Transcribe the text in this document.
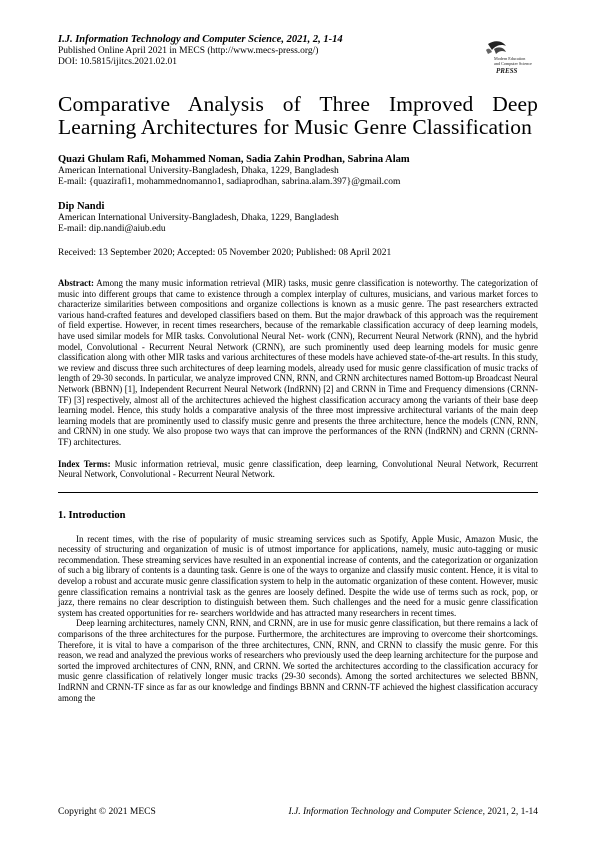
I.J. Information Technology and Computer Science, 2021, 2, 1-14
Published Online April 2021 in MECS (http://www.mecs-press.org/)
DOI: 10.5815/ijitcs.2021.02.01	Modern Education
and Computer Science
PRESS
Comparative Analysis of Three Improved Deep Learning Architectures for Music Genre Classification
Quazi Ghulam Rafi, Mohammed Noman, Sadia Zahin Prodhan, Sabrina Alam
American International University-Bangladesh, Dhaka, 1229, Bangladesh
E-mail: {quazirafi1, mohammednomanno1, sadiaprodhan, sabrina.alam.397}@gmail.com
Dip Nandi
American International University-Bangladesh, Dhaka, 1229, Bangladesh
E-mail: dip.nandi@aiub.edu
Received: 13 September 2020; Accepted: 05 November 2020; Published: 08 April 2021
Abstract: Among the many music information retrieval (MIR) tasks, music genre classification is noteworthy. The categorization of music into different groups that came to existence through a complex interplay of cultures, musicians, and various market forces to characterize similarities between compositions and organize collections is known as a music genre. The past researchers extracted various hand-crafted features and developed classifiers based on them. But the major drawback of this approach was the requirement of field expertise. However, in recent times researchers, because of the remarkable classification accuracy of deep learning models, have used similar models for MIR tasks. Convolutional Neural Net- work (CNN), Recurrent Neural Network (RNN), and the hybrid model, Convolutional - Recurrent Neural Network (CRNN), are such prominently used deep learning models for music genre classification along with other MIR tasks and various architectures of these models have achieved state-of-the-art results. In this study, we review and discuss three such architectures of deep learning models, already used for music genre classification of music tracks of length of 29-30 seconds. In particular, we analyze improved CNN, RNN, and CRNN architectures named Bottom-up Broadcast Neural Network (BBNN) [1], Independent Recurrent Neural Network (IndRNN) [2] and CRNN in Time and Frequency dimensions (CRNN- TF) [3] respectively, almost all of the architectures achieved the highest classification accuracy among the variants of their base deep learning model. Hence, this study holds a comparative analysis of the three most impressive architectural variants of the main deep learning models that are prominently used to classify music genre and presents the three architecture, hence the models (CNN, RNN, and CRNN) in one study. We also propose two ways that can improve the performances of the RNN (IndRNN) and CRNN (CRNN-TF) architectures.
Index Terms: Music information retrieval, music genre classification, deep learning, Convolutional Neural Network, Recurrent Neural Network, Convolutional - Recurrent Neural Network.
1. Introduction

In recent times, with the rise of popularity of music streaming services such as Spotify, Apple Music, Amazon Music, the necessity of structuring and organization of music is of utmost importance for applications, namely, music auto-tagging or music recommendation. These streaming services have resulted in an exponential increase of contents, and the categorization or organization of such a big library of contents is a daunting task. Genre is one of the ways to organize and classify music content. Hence, it is vital to develop a robust and accurate music genre classification system to help in the automatic organization of these content. However, music genre classification remains a nontrivial task as the genres are loosely defined. Despite the wide use of terms such as rock, pop, or jazz, there remains no clear description to distinguish between them. Such challenges and the need for a music genre classification system has created opportunities for re- searchers worldwide and has attracted many researchers in recent times.

Deep learning architectures, namely CNN, RNN, and CRNN, are in use for music genre classification, but there remains a lack of comparisons of the three architectures for the purpose. Furthermore, the architectures are improving to overcome their shortcomings. Therefore, it is vital to have a comparison of the three architectures, CNN, RNN, and CRNN to classify the music genre. For this reason, we read and analyzed the previous works of researchers who previously used the deep learning architecture for the purpose and sorted the improved architectures of CNN, RNN, and CRNN. We sorted the architectures according to the classification accuracy for music genre classification of relatively longer music tracks (29-30 seconds). Among the sorted architectures we selected BBNN, IndRNN and CRNN-TF since as far as our knowledge and findings BBNN and CRNN-TF achieved the highest classification accuracy among the

Copyright © 2021 MECS	I.J. Information Technology and Computer Science, 2021, 2, 1-14
